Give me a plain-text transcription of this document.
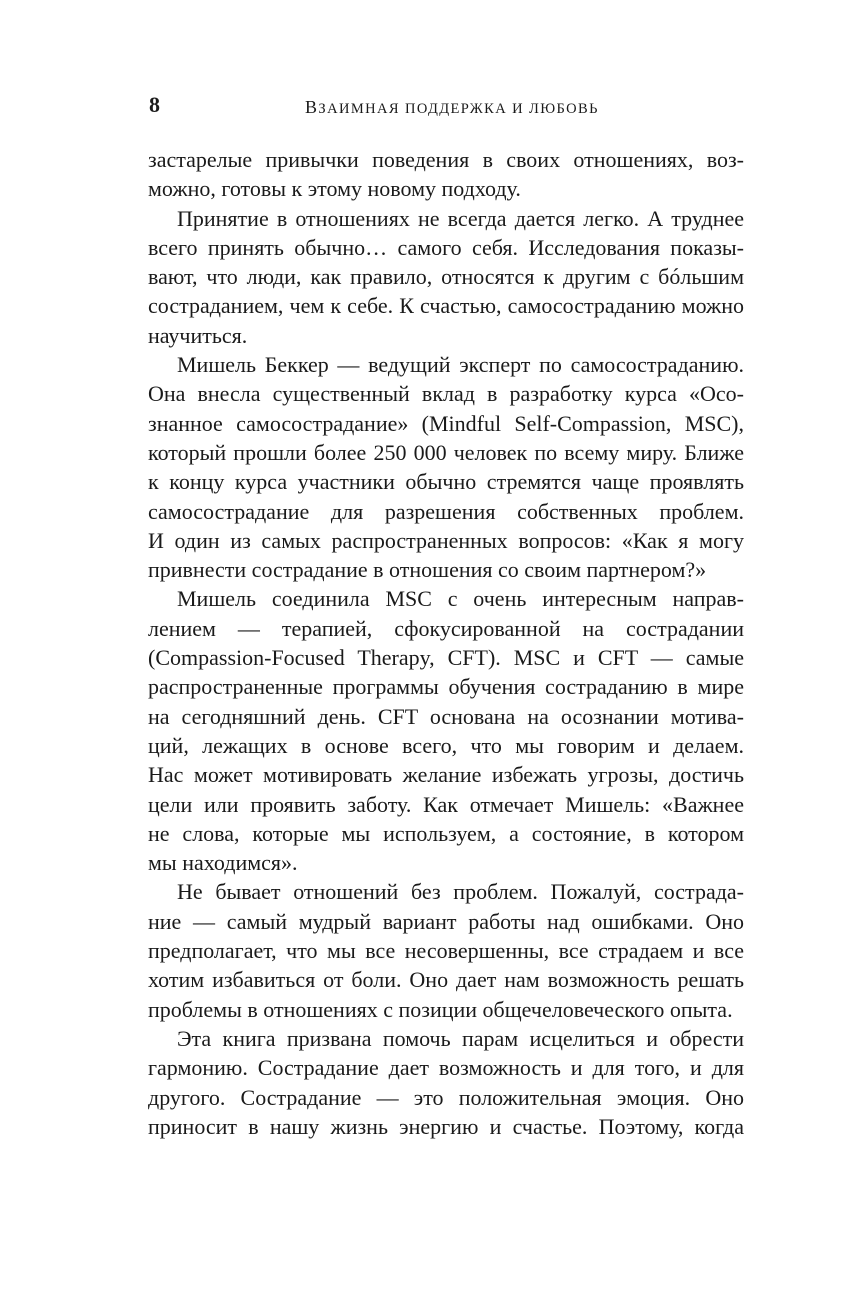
8	ВЗАИМНАЯ ПОДДЕРЖКА И ЛЮБОВЬ
застарелые привычки поведения в своих отношениях, воз-
можно, готовы к этому новому подходу.
Принятие в отношениях не всегда дается легко. А труднее
всего принять обычно… самого себя. Исследования показы-
вают, что люди, как правило, относятся к другим с бóльшим
состраданием, чем к себе. К счастью, самосостраданию можно
научиться.
Мишель Беккер — ведущий эксперт по самосостраданию.
Она внесла существенный вклад в разработку курса «Осо-
знанное самосострадание» (Mindful Self-Compassion, MSC),
который прошли более 250 000 человек по всему миру. Ближе
к концу курса участники обычно стремятся чаще проявлять
самосострадание для разрешения собственных проблем.
И один из самых распространенных вопросов: «Как я могу
привнести сострадание в отношения со своим партнером?»
Мишель соединила MSC с очень интересным направ-
лением — терапией, сфокусированной на сострадании
(Compassion-Focused Therapy, CFT). MSC и CFT — самые
распространенные программы обучения состраданию в мире
на сегодняшний день. CFT основана на осознании мотива-
ций, лежащих в основе всего, что мы говорим и делаем.
Нас может мотивировать желание избежать угрозы, достичь
цели или проявить заботу. Как отмечает Мишель: «Важнее
не слова, которые мы используем, а состояние, в котором
мы находимся».
Не бывает отношений без проблем. Пожалуй, сострада-
ние — самый мудрый вариант работы над ошибками. Оно
предполагает, что мы все несовершенны, все страдаем и все
хотим избавиться от боли. Оно дает нам возможность решать
проблемы в отношениях с позиции общечеловеческого опыта.
Эта книга призвана помочь парам исцелиться и обрести
гармонию. Сострадание дает возможность и для того, и для
другого. Сострадание — это положительная эмоция. Оно
приносит в нашу жизнь энергию и счастье. Поэтому, когда
